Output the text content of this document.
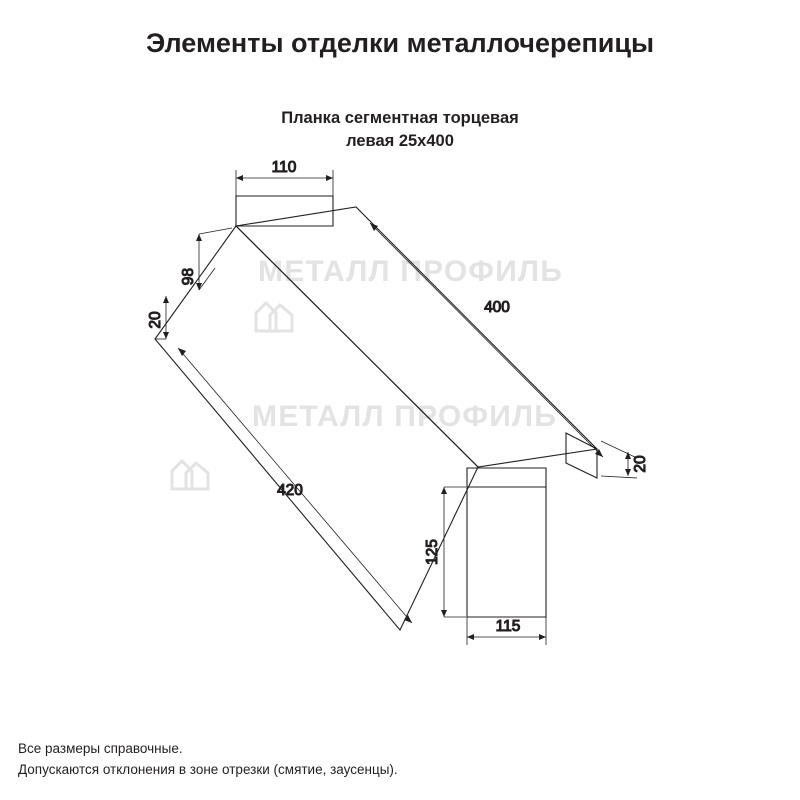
Элементы отделки металлочерепицы
Планка сегментная торцевая
левая 25х400
МЕТАЛЛ ПРОФИЛЬ
МЕТАЛЛ ПРОФИЛЬ
110
98
20
400
420
20
125
115
Все размеры справочные.
Допускаются отклонения в зоне отрезки (смятие, заусенцы).
